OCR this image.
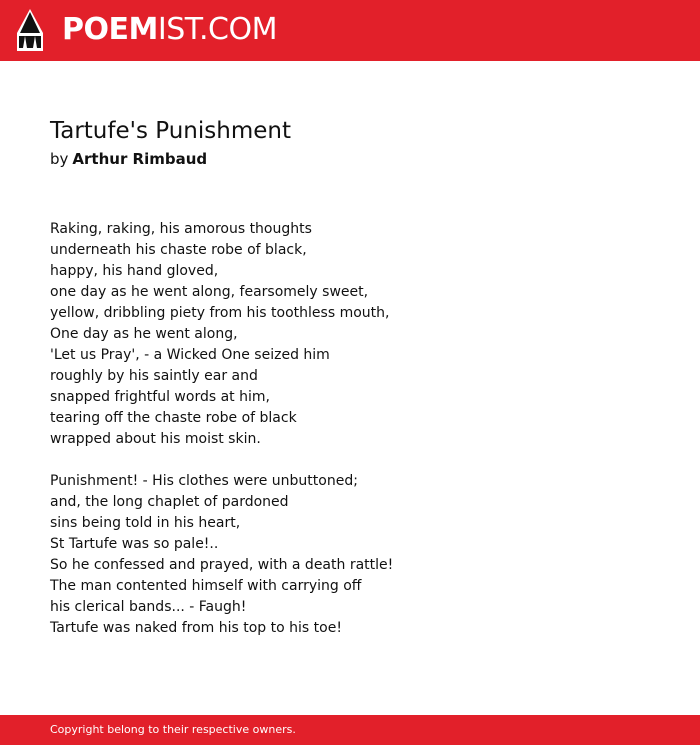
POEMIST.COM
Tartufe's Punishment
by Arthur Rimbaud

Raking, raking, his amorous thoughts
underneath his chaste robe of black,
happy, his hand gloved,
one day as he went along, fearsomely sweet,
yellow, dribbling piety from his toothless mouth,
One day as he went along,
'Let us Pray', - a Wicked One seized him
roughly by his saintly ear and
snapped frightful words at him,
tearing off the chaste robe of black
wrapped about his moist skin.

Punishment! - His clothes were unbuttoned;
and, the long chaplet of pardoned
sins being told in his heart,
St Tartufe was so pale!..
So he confessed and prayed, with a death rattle!
The man contented himself with carrying off
his clerical bands... - Faugh!
Tartufe was naked from his top to his toe!

Copyright belong to their respective owners.
